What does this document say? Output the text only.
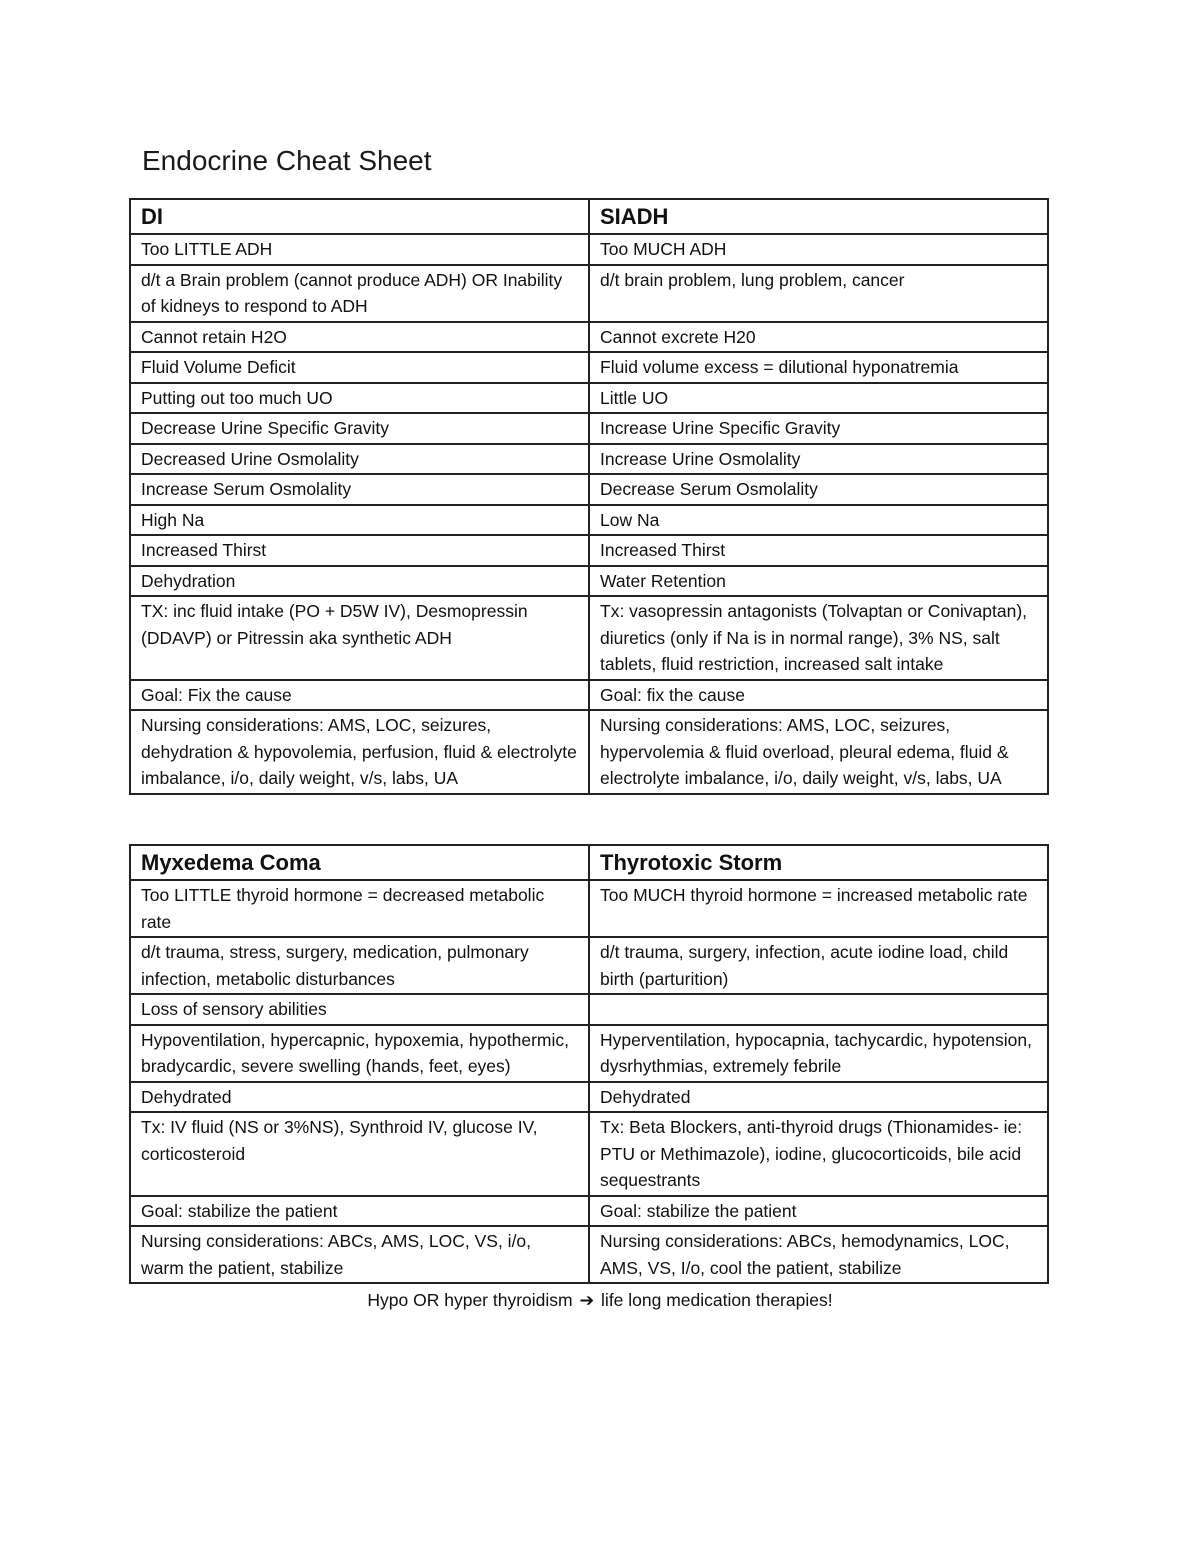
Endocrine Cheat Sheet
DI	SIADH
Too LITTLE ADH	Too MUCH ADH
d/t a Brain problem (cannot produce ADH) OR Inability of kidneys to respond to ADH	d/t brain problem, lung problem, cancer
Cannot retain H2O	Cannot excrete H20
Fluid Volume Deficit	Fluid volume excess = dilutional hyponatremia
Putting out too much UO	Little UO
Decrease Urine Specific Gravity	Increase Urine Specific Gravity
Decreased Urine Osmolality	Increase Urine Osmolality
Increase Serum Osmolality	Decrease Serum Osmolality
High Na	Low Na
Increased Thirst	Increased Thirst
Dehydration	Water Retention
TX: inc fluid intake (PO + D5W IV), Desmopressin (DDAVP) or Pitressin aka synthetic ADH	Tx: vasopressin antagonists (Tolvaptan or Conivaptan), diuretics (only if Na is in normal range), 3% NS, salt tablets, fluid restriction, increased salt intake
Goal: Fix the cause	Goal: fix the cause
Nursing considerations: AMS, LOC, seizures, dehydration & hypovolemia, perfusion, fluid & electrolyte imbalance, i/o, daily weight, v/s, labs, UA	Nursing considerations: AMS, LOC, seizures, hypervolemia & fluid overload, pleural edema, fluid & electrolyte imbalance, i/o, daily weight, v/s, labs, UA
Myxedema Coma	Thyrotoxic Storm
Too LITTLE thyroid hormone = decreased metabolic rate	Too MUCH thyroid hormone = increased metabolic rate
d/t trauma, stress, surgery, medication, pulmonary infection, metabolic disturbances	d/t trauma, surgery, infection, acute iodine load, child birth (parturition)
Loss of sensory abilities	
Hypoventilation, hypercapnic, hypoxemia, hypothermic, bradycardic, severe swelling (hands, feet, eyes)	Hyperventilation, hypocapnia, tachycardic, hypotension, dysrhythmias, extremely febrile
Dehydrated	Dehydrated
Tx: IV fluid (NS or 3%NS), Synthroid IV, glucose IV, corticosteroid	Tx: Beta Blockers, anti-thyroid drugs (Thionamides- ie: PTU or Methimazole), iodine, glucocorticoids, bile acid sequestrants
Goal: stabilize the patient	Goal: stabilize the patient
Nursing considerations: ABCs, AMS, LOC, VS, i/o, warm the patient, stabilize	Nursing considerations: ABCs, hemodynamics, LOC, AMS, VS, I/o, cool the patient, stabilize
Hypo OR hyper thyroidism ➔ life long medication therapies!
